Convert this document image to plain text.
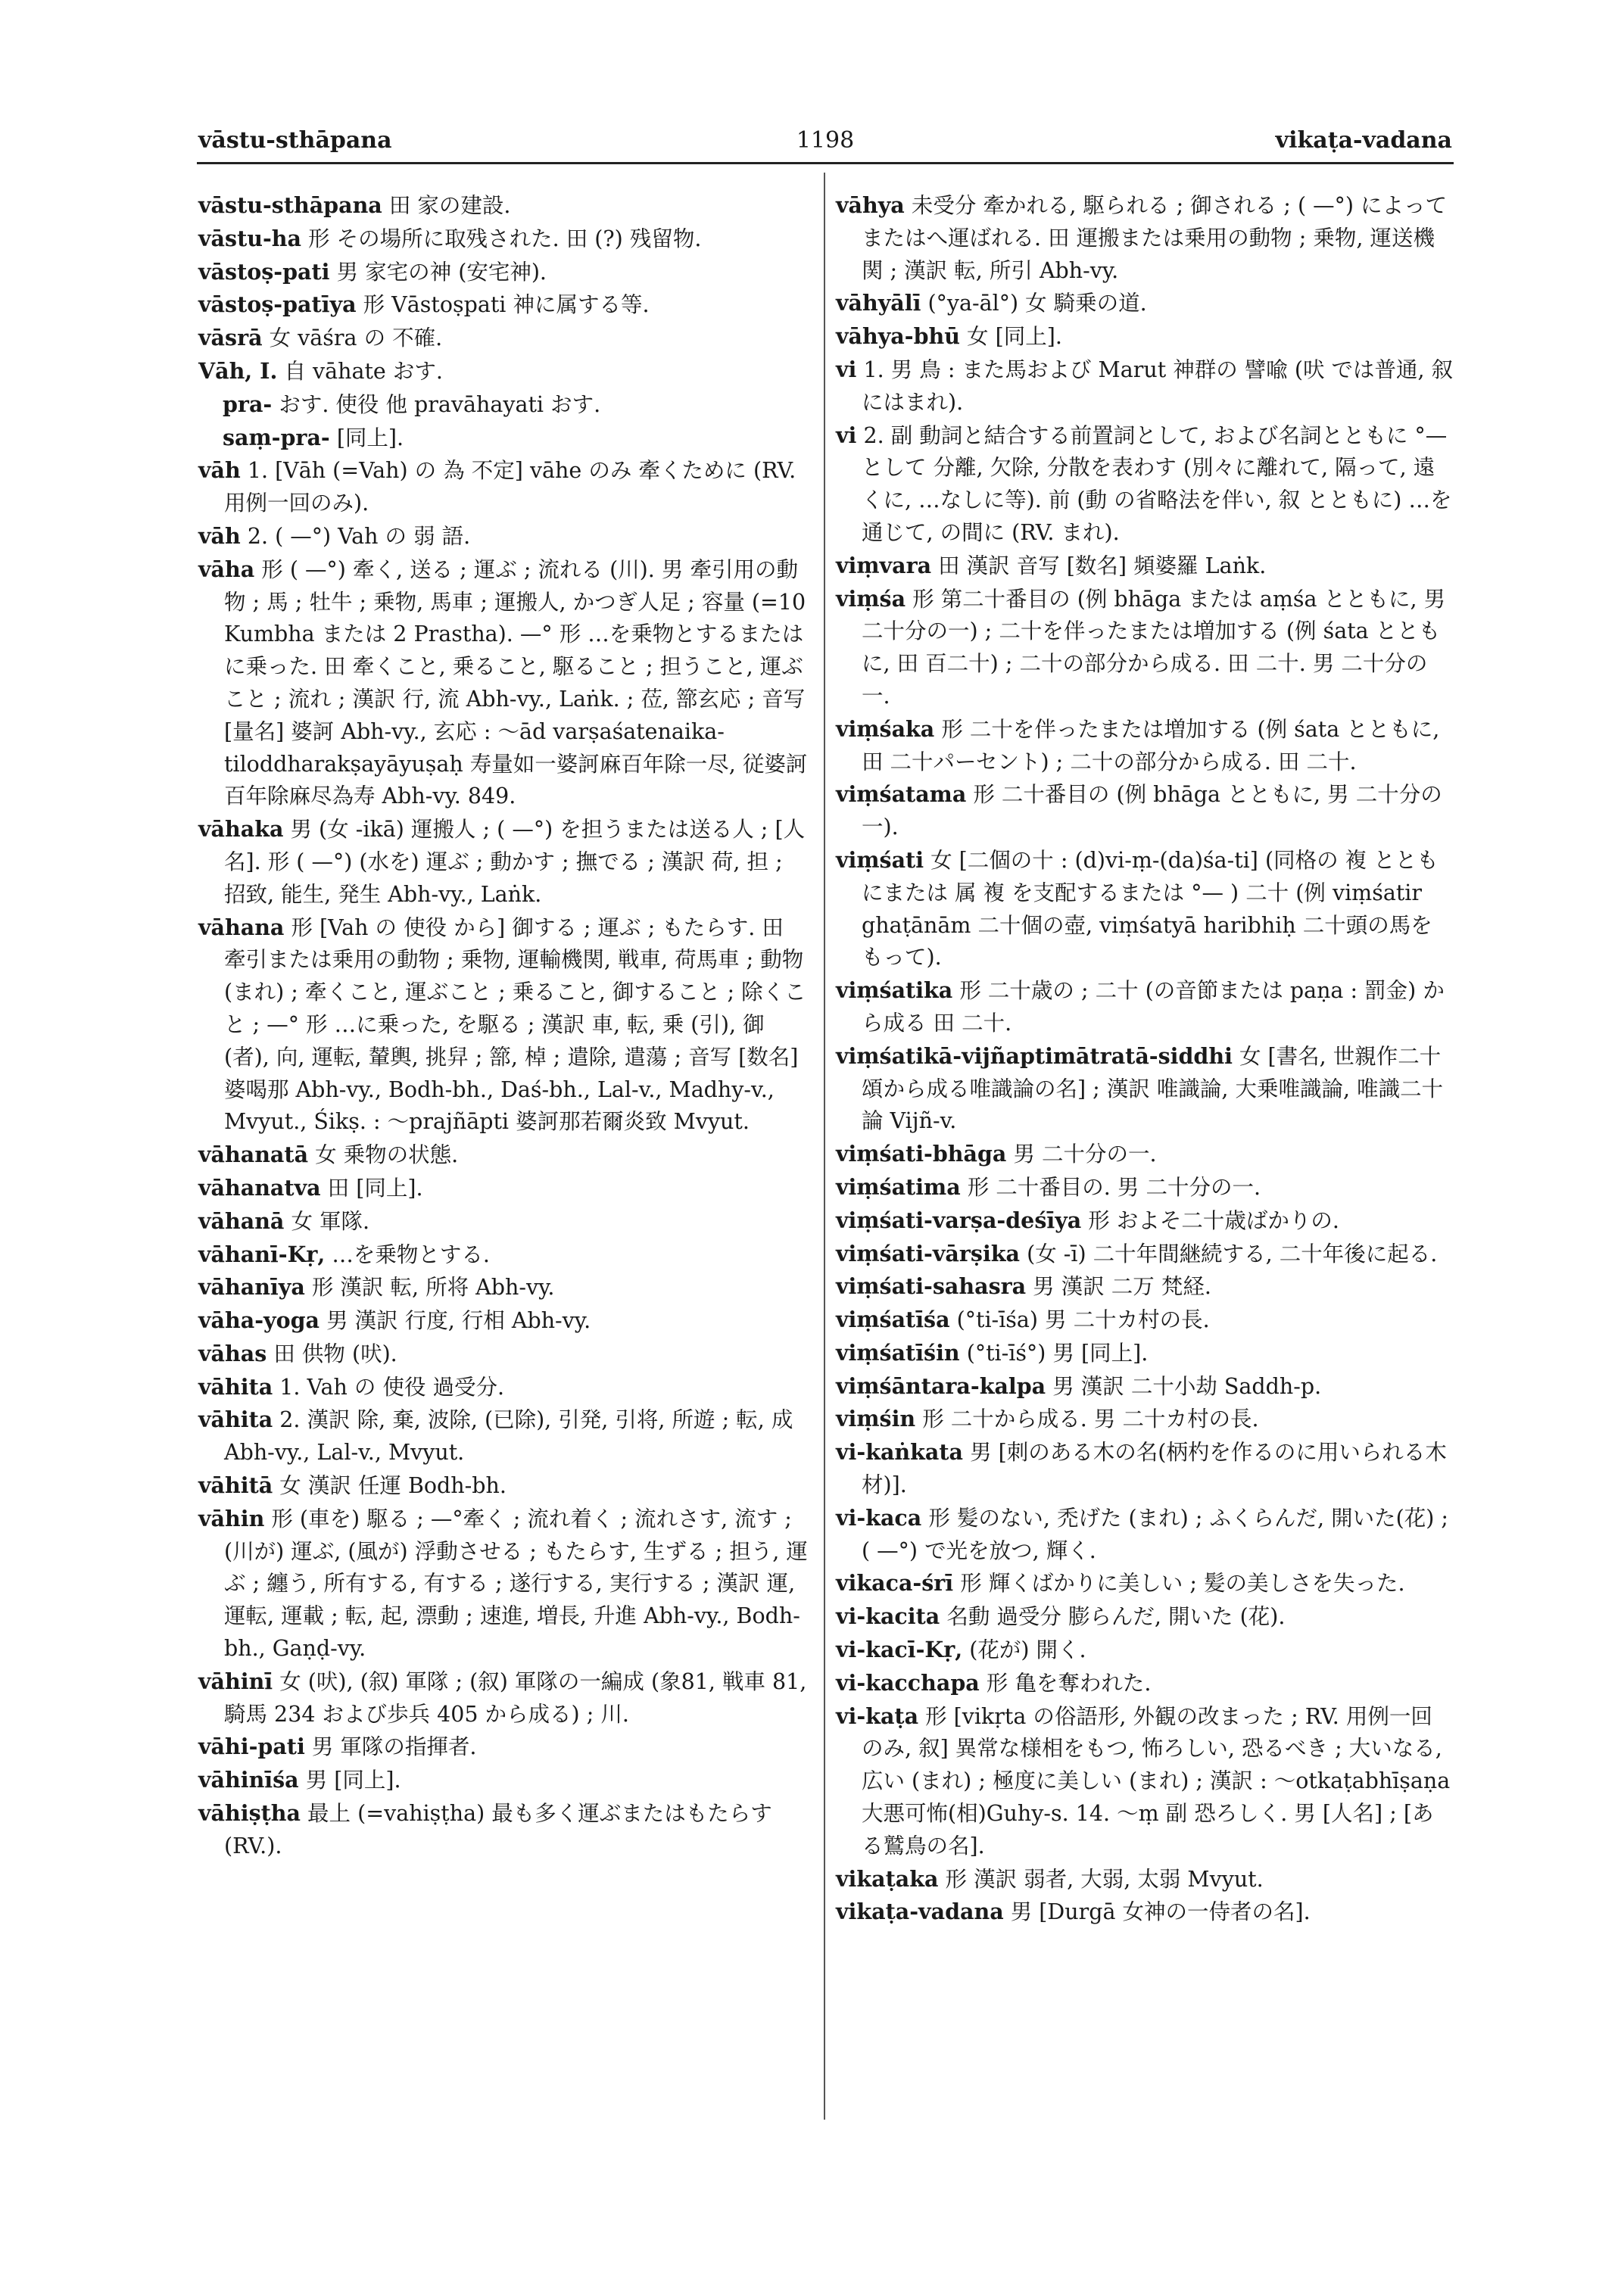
vāstu-sthāpana	1198	vikaṭa-vadana

vāstu-sthāpana 田 家の建設.

vāstu-ha 形 その場所に取残された. 田 (?) 残留物.

vāstoṣ-pati 男 家宅の神 (安宅神).

vāstoṣ-patīya 形 Vāstoṣpati 神に属する等.

vāsrā 女 vāśra の 不確.

Vāh, I. 自 vāhate おす.

pra- おす. 使役 他 pravāhayati おす.

saṃ-pra- [同上].

vāh 1. [Vāh (=Vah) の 為 不定] vāhe のみ 牽くために (RV. 用例一回のみ).

vāh 2. ( —°) Vah の 弱 語.

vāha 形 ( —°) 牽く, 送る ; 運ぶ ; 流れる (川). 男 牽引用の動物 ; 馬 ; 牡牛 ; 乗物, 馬車 ; 運搬人, かつぎ人足 ; 容量 (=10 Kumbha または 2 Prastha). —° 形 …を乗物とするまたはに乗った. 田 牽くこと, 乗ること, 駆ること ; 担うこと, 運ぶこと ; 流れ ; 漢訳 行, 流 Abh-vy., Laṅk. ; 莅, 篰玄応 ; 音写 [量名] 婆訶 Abh-vy., 玄応 : ～ād varṣaśatenaika-tiloddharakṣayāyuṣaḥ 寿量如一婆訶麻百年除一尽, 従婆訶百年除麻尽為寿 Abh-vy. 849.

vāhaka 男 (女 -ikā) 運搬人 ; ( —°) を担うまたは送る人 ; [人名]. 形 ( —°) (水を) 運ぶ ; 動かす ; 撫でる ; 漢訳 荷, 担 ; 招致, 能生, 発生 Abh-vy., Laṅk.

vāhana 形 [Vah の 使役 から] 御する ; 運ぶ ; もたらす. 田 牽引または乗用の動物 ; 乗物, 運輸機関, 戦車, 荷馬車 ; 動物 (まれ) ; 牽くこと, 運ぶこと ; 乗ること, 御すること ; 除くこと ; —° 形 …に乗った, を駆る ; 漢訳 車, 転, 乗 (引), 御 (者), 向, 運転, 輦輿, 挑舁 ; 篰, 棹 ; 遣除, 遣蕩 ; 音写 [数名] 婆喝那 Abh-vy., Bodh-bh., Daś-bh., Lal-v., Madhy-v., Mvyut., Śikṣ. : ～prajñāpti 婆訶那若爾炎致 Mvyut.

vāhanatā 女 乗物の状態.

vāhanatva 田 [同上].

vāhanā 女 軍隊.

vāhanī-Kṛ, …を乗物とする.

vāhanīya 形 漢訳 転, 所将 Abh-vy.

vāha-yoga 男 漢訳 行度, 行相 Abh-vy.

vāhas 田 供物 (吠).

vāhita 1. Vah の 使役 過受分.

vāhita 2. 漢訳 除, 棄, 波除, (已除), 引発, 引将, 所遊 ; 転, 成 Abh-vy., Lal-v., Mvyut.

vāhitā 女 漢訳 任運 Bodh-bh.

vāhin 形 (車を) 駆る ; —°牽く ; 流れ着く ; 流れさす, 流す ; (川が) 運ぶ, (風が) 浮動させる ; もたらす, 生ずる ; 担う, 運ぶ ; 纏う, 所有する, 有する ; 遂行する, 実行する ; 漢訳 運, 運転, 運載 ; 転, 起, 漂動 ; 速進, 増長, 升進 Abh-vy., Bodh-bh., Gaṇḍ-vy.

vāhinī 女 (吠), (叙) 軍隊 ; (叙) 軍隊の一編成 (象81, 戦車 81, 騎馬 234 および歩兵 405 から成る) ; 川.

vāhi-pati 男 軍隊の指揮者.

vāhinīśa 男 [同上].

vāhiṣṭha 最上 (=vahiṣṭha) 最も多く運ぶまたはもたらす (RV.).

vāhya 未受分 牽かれる, 駆られる ; 御される ; ( —°) によってまたはへ運ばれる. 田 運搬または乗用の動物 ; 乗物, 運送機関 ; 漢訳 転, 所引 Abh-vy.

vāhyālī (°ya-āl°) 女 騎乗の道.

vāhya-bhū 女 [同上].

vi 1. 男 鳥 : また馬および Marut 神群の 譬喩 (吠 では普通, 叙 にはまれ).

vi 2. 副 動詞と結合する前置詞として, および名詞とともに °— として 分離, 欠除, 分散を表わす (別々に離れて, 隔って, 遠くに, …なしに等). 前 (動 の省略法を伴い, 叙 とともに) …を通じて, の間に (RV. まれ).

viṃvara 田 漢訳 音写 [数名] 頻婆羅 Laṅk.

viṃśa 形 第二十番目の (例 bhāga または aṃśa とともに, 男 二十分の一) ; 二十を伴ったまたは増加する (例 śata とともに, 田 百二十) ; 二十の部分から成る. 田 二十. 男 二十分の一.

viṃśaka 形 二十を伴ったまたは増加する (例 śata とともに, 田 二十パーセント) ; 二十の部分から成る. 田 二十.

viṃśatama 形 二十番目の (例 bhāga とともに, 男 二十分の一).

viṃśati 女 [二個の十 : (d)vi-ṃ-(da)śa-ti] (同格の 複 とともにまたは 属 複 を支配するまたは °— ) 二十 (例 viṃśatir ghaṭānām 二十個の壺, viṃśatyā haribhiḥ 二十頭の馬をもって).

viṃśatika 形 二十歳の ; 二十 (の音節または paṇa : 罰金) から成る 田 二十.

viṃśatikā-vijñaptimātratā-siddhi 女 [書名, 世親作二十頌から成る唯識論の名] ; 漢訳 唯識論, 大乗唯識論, 唯識二十論 Vijñ-v.

viṃśati-bhāga 男 二十分の一.

viṃśatima 形 二十番目の. 男 二十分の一.

viṃśati-varṣa-deśīya 形 およそ二十歳ばかりの.

viṃśati-vārṣika (女 -ī) 二十年間継続する, 二十年後に起る.

viṃśati-sahasra 男 漢訳 二万 梵経.

viṃśatīśa (°ti-īśa) 男 二十カ村の長.

viṃśatīśin (°ti-īś°) 男 [同上].

viṃśāntara-kalpa 男 漢訳 二十小劫 Saddh-p.

viṃśin 形 二十から成る. 男 二十カ村の長.

vi-kaṅkata 男 [刺のある木の名(柄杓を作るのに用いられる木材)].

vi-kaca 形 髪のない, 禿げた (まれ) ; ふくらんだ, 開いた(花) ; ( —°) で光を放つ, 輝く.

vikaca-śrī 形 輝くばかりに美しい ; 髪の美しさを失った.

vi-kacita 名動 過受分 膨らんだ, 開いた (花).

vi-kacī-Kṛ, (花が) 開く.

vi-kacchapa 形 亀を奪われた.

vi-kaṭa 形 [vikṛta の俗語形, 外観の改まった ; RV. 用例一回のみ, 叙] 異常な様相をもつ, 怖ろしい, 恐るべき ; 大いなる, 広い (まれ) ; 極度に美しい (まれ) ; 漢訳 : ～otkaṭabhīṣaṇa 大悪可怖(相)Guhy-s. 14. ～ṃ 副 恐ろしく. 男 [人名] ; [ある鷲鳥の名].

vikaṭaka 形 漢訳 弱者, 大弱, 太弱 Mvyut.

vikaṭa-vadana 男 [Durgā 女神の一侍者の名].
